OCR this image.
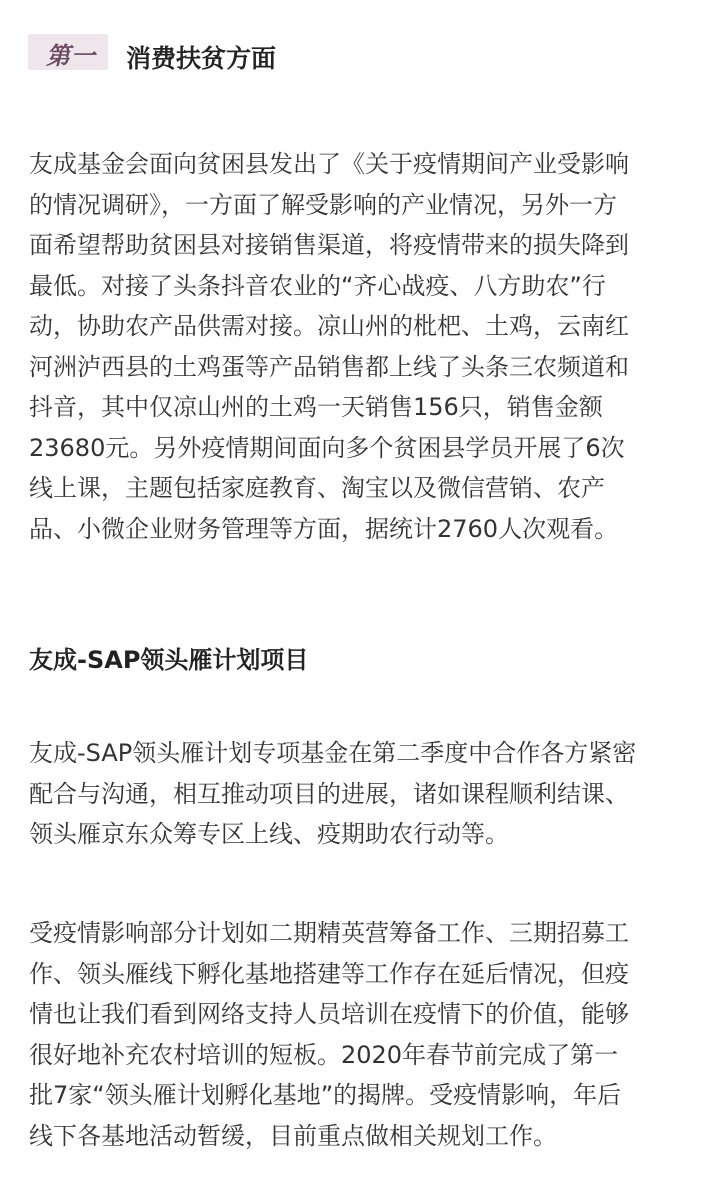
第一 消费扶贫方面
友成基金会面向贫困县发出了《关于疫情期间产业受影响
的情况调研》，一方面了解受影响的产业情况，另外一方
面希望帮助贫困县对接销售渠道，将疫情带来的损失降到
最低。对接了头条抖音农业的“齐心战疫、八方助农”行
动，协助农产品供需对接。凉山州的枇杷、土鸡，云南红
河洲泸西县的土鸡蛋等产品销售都上线了头条三农频道和
抖音，其中仅凉山州的土鸡一天销售156只，销售金额
23680元。另外疫情期间面向多个贫困县学员开展了6次
线上课，主题包括家庭教育、淘宝以及微信营销、农产
品、小微企业财务管理等方面，据统计2760人次观看。
友成-SAP领头雁计划项目
友成-SAP领头雁计划专项基金在第二季度中合作各方紧密
配合与沟通，相互推动项目的进展，诸如课程顺利结课、
领头雁京东众筹专区上线、疫期助农行动等。
受疫情影响部分计划如二期精英营筹备工作、三期招募工
作、领头雁线下孵化基地搭建等工作存在延后情况，但疫
情也让我们看到网络支持人员培训在疫情下的价值，能够
很好地补充农村培训的短板。2020年春节前完成了第一
批7家“领头雁计划孵化基地”的揭牌。受疫情影响，年后
线下各基地活动暂缓，目前重点做相关规划工作。
